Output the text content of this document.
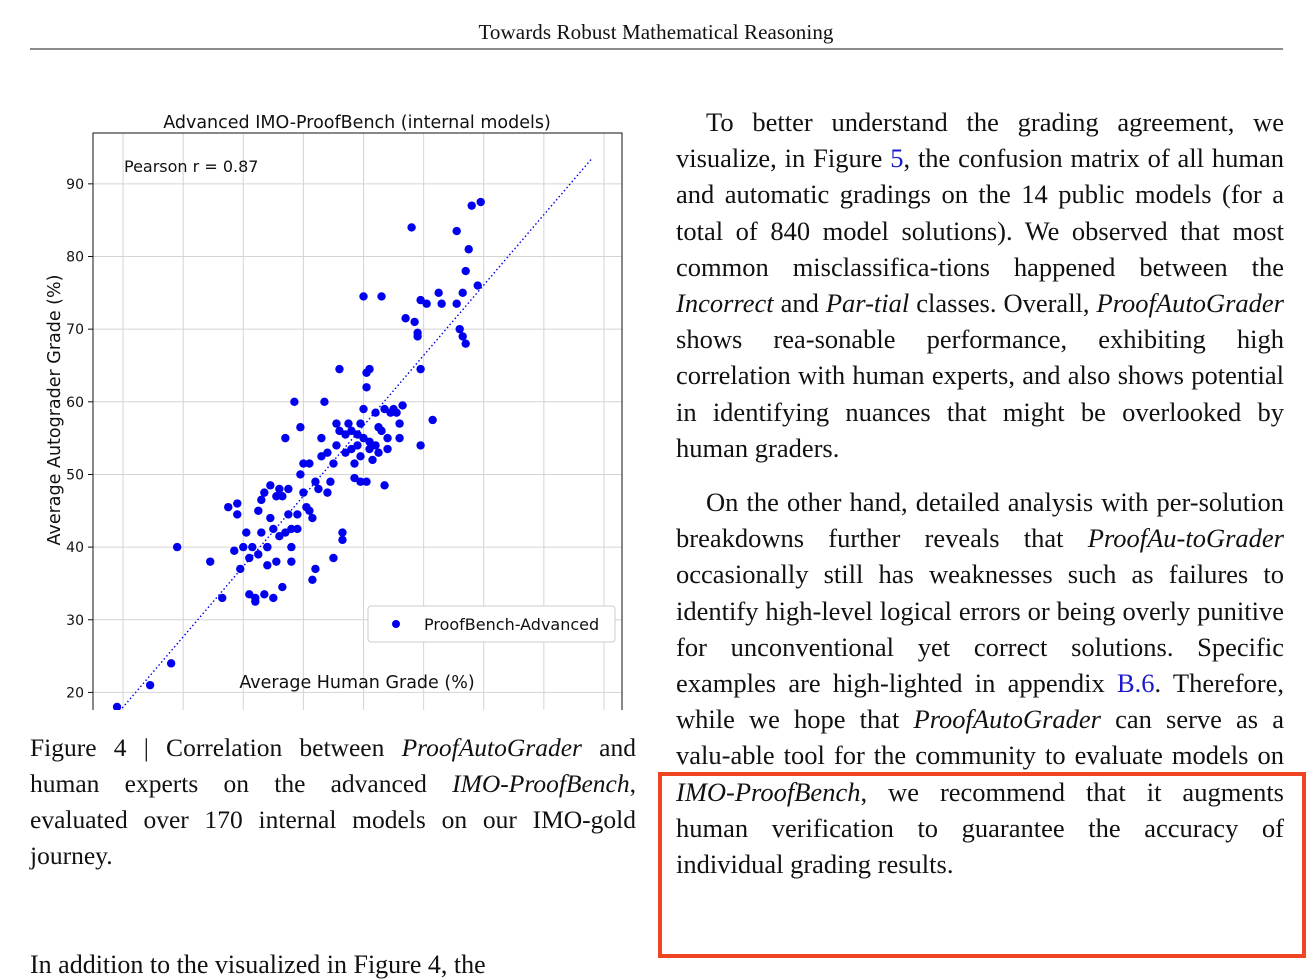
Towards Robust Mathematical Reasoning
Advanced IMO-ProofBench (internal models)
20
30
40
50
60
70
80
90
Pearson r = 0.87
ProofBench-Advanced
Average Human Grade (%)
Average Autograder Grade (%)
Figure 4 | Correlation between ProofAutoGrader and human experts on the advanced IMO-ProofBench, evaluated over 170 internal models on our IMO-gold journey.

To better understand the grading agreement, we visualize, in Figure 5, the confusion matrix of all human and automatic gradings on the 14 public models (for a total of 840 model solutions). We observed that most common misclassifica-tions happened between the Incorrect and Par-tial classes. Overall, ProofAutoGrader shows rea-sonable performance, exhibiting high correlation with human experts, and also shows potential in identifying nuances that might be overlooked by human graders.

On the other hand, detailed analysis with per-solution breakdowns further reveals that ProofAu-toGrader occasionally still has weaknesses such as failures to identify high-level logical errors or being overly punitive for unconventional yet correct solutions. Specific examples are high-lighted in appendix B.6. Therefore, while we hope that ProofAutoGrader can serve as a valu-able tool for the community to evaluate models on IMO-ProofBench, we recommend that it augments human verification to guarantee the accuracy of individual grading results.

In addition to the visualized in Figure 4, the
